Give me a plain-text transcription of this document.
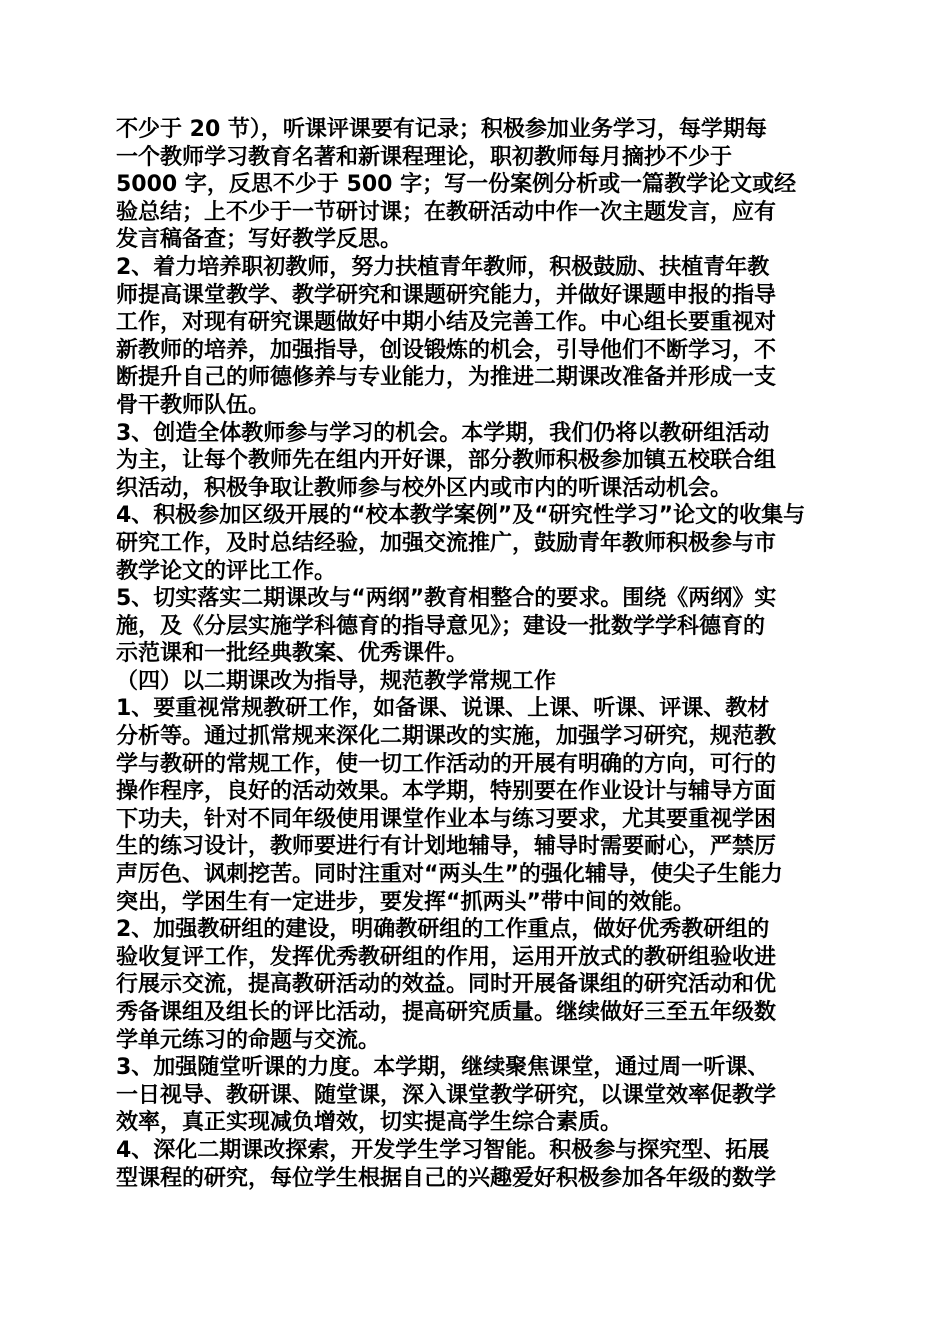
不少于 20 节），听课评课要有记录；积极参加业务学习，每学期每
一个教师学习教育名著和新课程理论，职初教师每月摘抄不少于
5000 字，反思不少于 500 字；写一份案例分析或一篇教学论文或经
验总结；上不少于一节研讨课；在教研活动中作一次主题发言，应有
发言稿备查；写好教学反思。
2、着力培养职初教师，努力扶植青年教师，积极鼓励、扶植青年教
师提高课堂教学、教学研究和课题研究能力，并做好课题申报的指导
工作，对现有研究课题做好中期小结及完善工作。中心组长要重视对
新教师的培养，加强指导，创设锻炼的机会，引导他们不断学习，不
断提升自己的师德修养与专业能力，为推进二期课改准备并形成一支
骨干教师队伍。
3、创造全体教师参与学习的机会。本学期，我们仍将以教研组活动
为主，让每个教师先在组内开好课，部分教师积极参加镇五校联合组
织活动，积极争取让教师参与校外区内或市内的听课活动机会。
4、积极参加区级开展的“校本教学案例”及“研究性学习”论文的收集与
研究工作，及时总结经验，加强交流推广，鼓励青年教师积极参与市
教学论文的评比工作。
5、切实落实二期课改与“两纲”教育相整合的要求。围绕《两纲》实
施，及《分层实施学科德育的指导意见》；建设一批数学学科德育的
示范课和一批经典教案、优秀课件。
（四）以二期课改为指导，规范教学常规工作
1、要重视常规教研工作，如备课、说课、上课、听课、评课、教材
分析等。通过抓常规来深化二期课改的实施，加强学习研究，规范教
学与教研的常规工作，使一切工作活动的开展有明确的方向，可行的
操作程序，良好的活动效果。本学期，特别要在作业设计与辅导方面
下功夫，针对不同年级使用课堂作业本与练习要求，尤其要重视学困
生的练习设计，教师要进行有计划地辅导，辅导时需要耐心，严禁厉
声厉色、讽刺挖苦。同时注重对“两头生”的强化辅导，使尖子生能力
突出，学困生有一定进步，要发挥“抓两头”带中间的效能。
2、加强教研组的建设，明确教研组的工作重点，做好优秀教研组的
验收复评工作，发挥优秀教研组的作用，运用开放式的教研组验收进
行展示交流，提高教研活动的效益。同时开展备课组的研究活动和优
秀备课组及组长的评比活动，提高研究质量。继续做好三至五年级数
学单元练习的命题与交流。
3、加强随堂听课的力度。本学期，继续聚焦课堂，通过周一听课、
一日视导、教研课、随堂课，深入课堂教学研究，以课堂效率促教学
效率，真正实现减负增效，切实提高学生综合素质。
4、深化二期课改探索，开发学生学习智能。积极参与探究型、拓展
型课程的研究，每位学生根据自己的兴趣爱好积极参加各年级的数学
